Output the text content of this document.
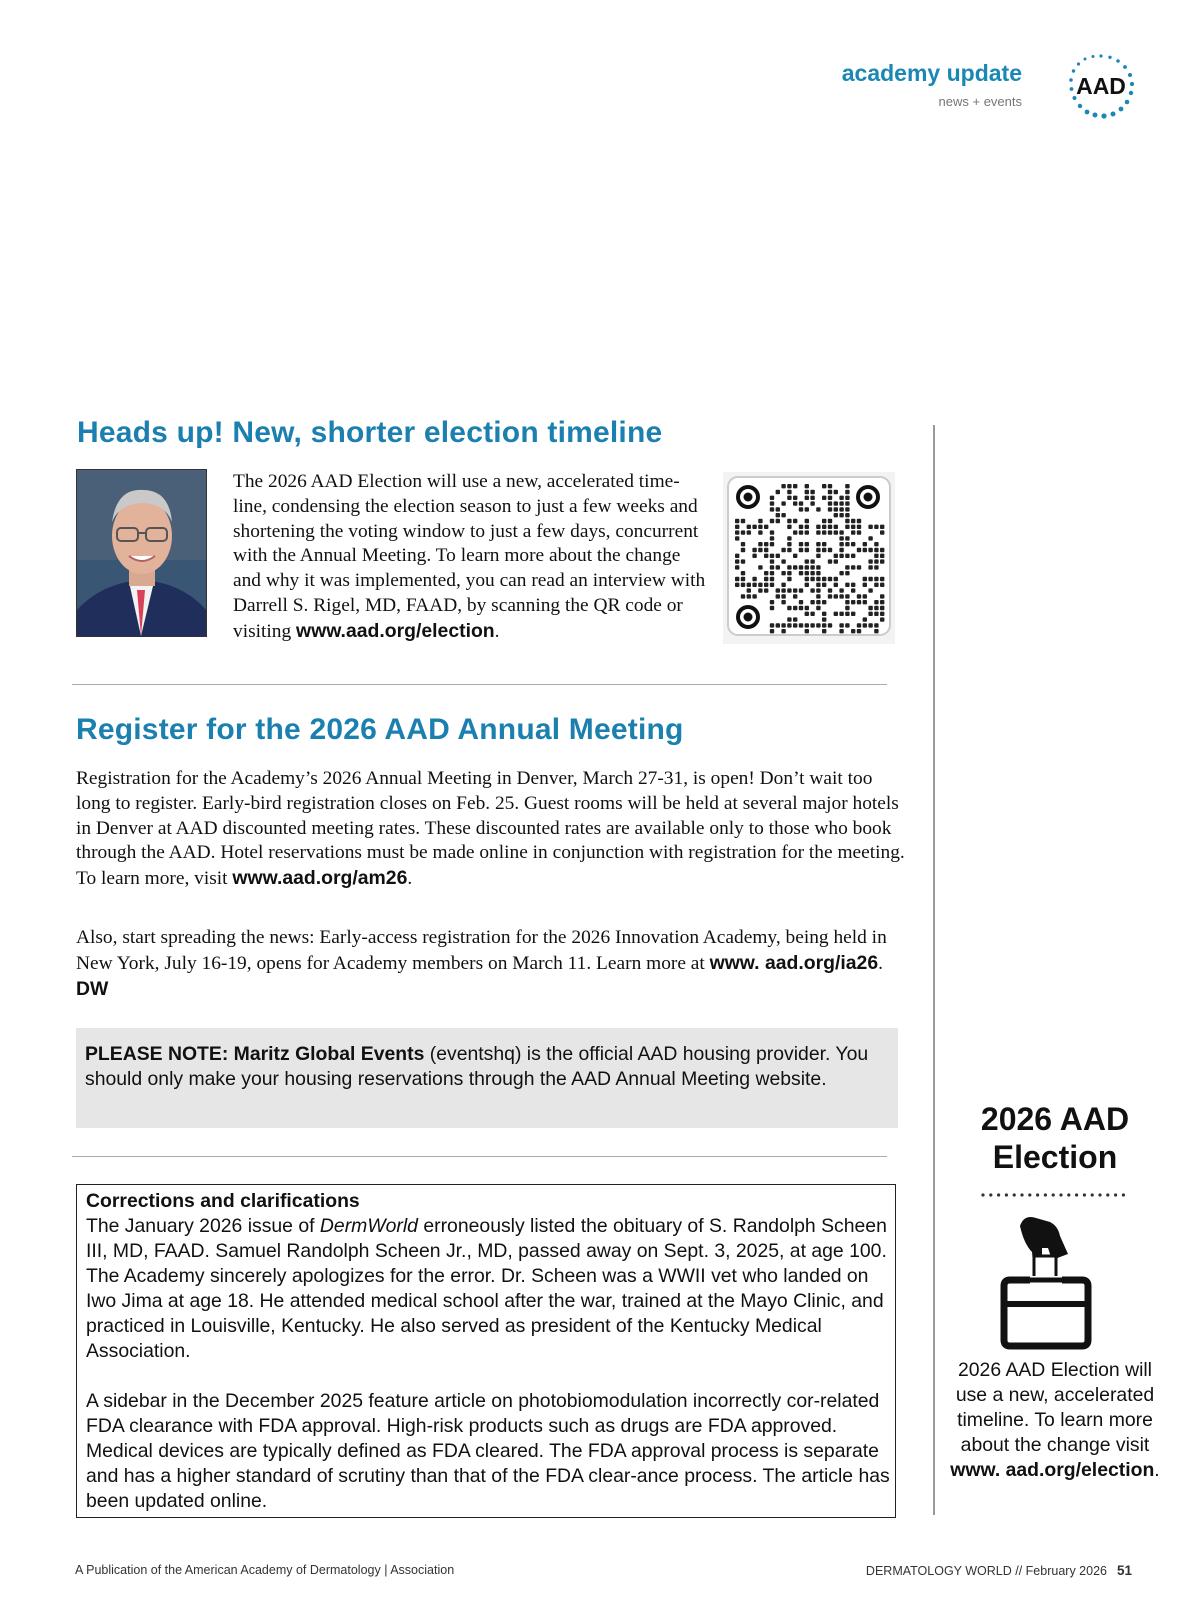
academy update
news + events
AAD
Heads up! New, shorter election timeline
The 2026 AAD Election will use a new, accelerated time-line, condensing the election season to just a few weeks and shortening the voting window to just a few days, concurrent with the Annual Meeting. To learn more about the change and why it was implemented, you can read an interview with Darrell S. Rigel, MD, FAAD, by scanning the QR code or visiting www.aad.org/election.
Register for the 2026 AAD Annual Meeting
Registration for the Academy’s 2026 Annual Meeting in Denver, March 27-31, is open! Don’t wait too long to register. Early-bird registration closes on Feb. 25. Guest rooms will be held at several major hotels in Denver at AAD discounted meeting rates. These discounted rates are available only to those who book through the AAD. Hotel reservations must be made online in conjunction with registration for the meeting. To learn more, visit www.aad.org/am26.
Also, start spreading the news: Early-access registration for the 2026 Innovation Academy, being held in New York, July 16-19, opens for Academy members on March 11. Learn more at www. aad.org/ia26. DW
PLEASE NOTE: Maritz Global Events (eventshq) is the official AAD housing provider. You should only make your housing reservations through the AAD Annual Meeting website.
Corrections and clarifications
The January 2026 issue of DermWorld erroneously listed the obituary of S. Randolph Scheen III, MD, FAAD. Samuel Randolph Scheen Jr., MD, passed away on Sept. 3, 2025, at age 100. The Academy sincerely apologizes for the error. Dr. Scheen was a WWII vet who landed on Iwo Jima at age 18. He attended medical school after the war, trained at the Mayo Clinic, and practiced in Louisville, Kentucky. He also served as president of the Kentucky Medical Association.
A sidebar in the December 2025 feature article on photobiomodulation incorrectly cor-related FDA clearance with FDA approval. High-risk products such as drugs are FDA approved. Medical devices are typically defined as FDA cleared. The FDA approval process is separate and has a higher standard of scrutiny than that of the FDA clear-ance process. The article has been updated online.
2026 AAD Election
2026 AAD Election will use a new, accelerated timeline. To learn more about the change visit www. aad.org/election.
A Publication of the American Academy of Dermatology | Association	DERMATOLOGY WORLD // February 2026 51
